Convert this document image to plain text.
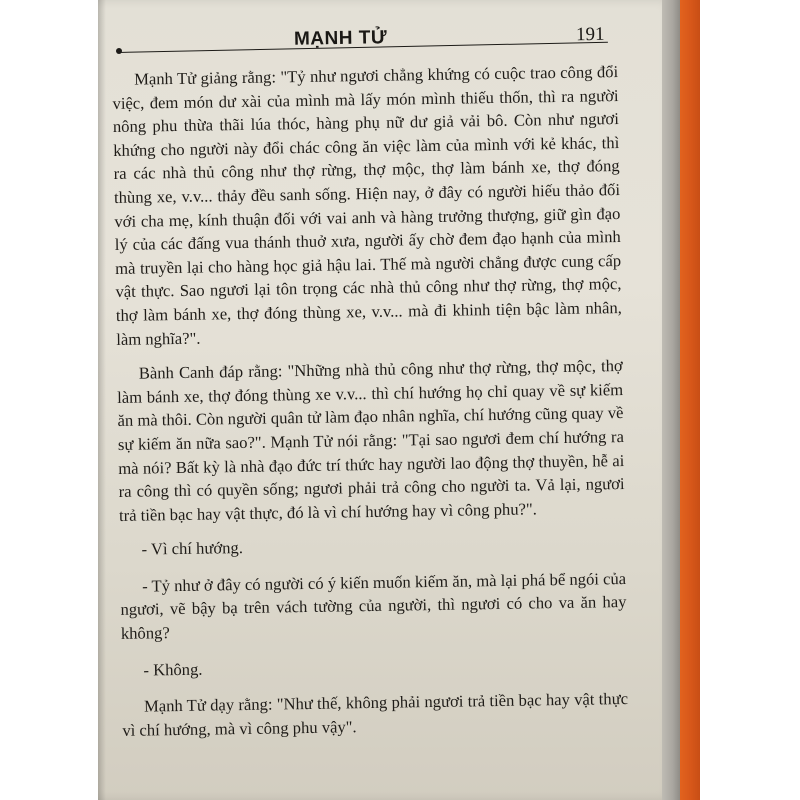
MẠNH TỬ	191

Mạnh Tử giảng rằng: "Tỷ như ngươi chẳng khứng có cuộc trao công đổi việc, đem món dư xài của mình mà lấy món mình thiếu thốn, thì ra người nông phu thừa thãi lúa thóc, hàng phụ nữ dư giả vải bô. Còn như ngươi khứng cho người này đổi chác công ăn việc làm của mình với kẻ khác, thì ra các nhà thủ công như thợ rừng, thợ mộc, thợ làm bánh xe, thợ đóng thùng xe, v.v... thảy đều sanh sống. Hiện nay, ở đây có người hiếu thảo đối với cha mẹ, kính thuận đối với vai anh và hàng trưởng thượng, giữ gìn đạo lý của các đấng vua thánh thuở xưa, người ấy chờ đem đạo hạnh của mình mà truyền lại cho hàng học giả hậu lai. Thế mà người chẳng được cung cấp vật thực. Sao ngươi lại tôn trọng các nhà thủ công như thợ rừng, thợ mộc, thợ làm bánh xe, thợ đóng thùng xe, v.v... mà đi khinh tiện bậc làm nhân, làm nghĩa?".

Bành Canh đáp rằng: "Những nhà thủ công như thợ rừng, thợ mộc, thợ làm bánh xe, thợ đóng thùng xe v.v... thì chí hướng họ chỉ quay về sự kiếm ăn mà thôi. Còn người quân tử làm đạo nhân nghĩa, chí hướng cũng quay về sự kiếm ăn nữa sao?". Mạnh Tử nói rằng: "Tại sao ngươi đem chí hướng ra mà nói? Bất kỳ là nhà đạo đức trí thức hay người lao động thợ thuyền, hễ ai ra công thì có quyền sống; ngươi phải trả công cho người ta. Vả lại, ngươi trả tiền bạc hay vật thực, đó là vì chí hướng hay vì công phu?".

- Vì chí hướng.

- Tỷ như ở đây có người có ý kiến muốn kiếm ăn, mà lại phá bể ngói của ngươi, vẽ bậy bạ trên vách tường của người, thì ngươi có cho va ăn hay không?

- Không.

Mạnh Tử dạy rằng: "Như thế, không phải ngươi trả tiền bạc hay vật thực vì chí hướng, mà vì công phu vậy".
